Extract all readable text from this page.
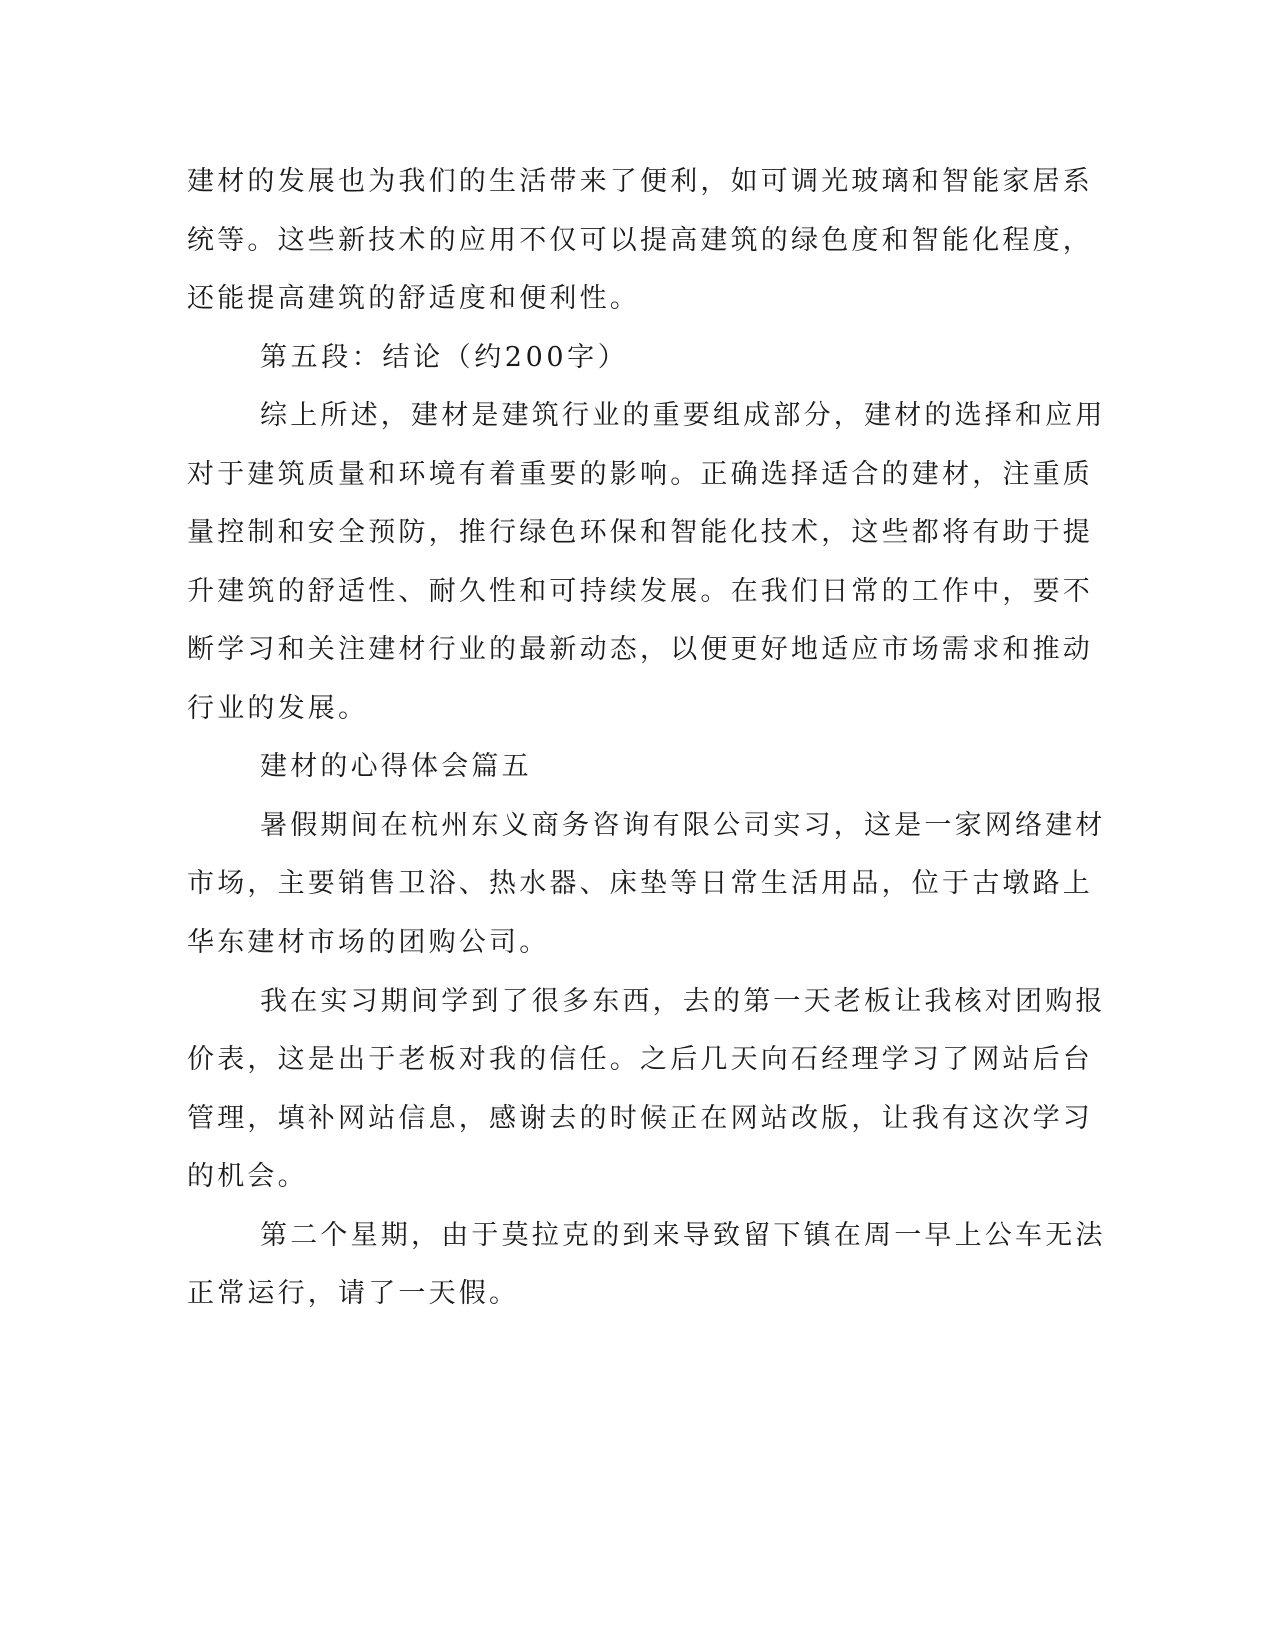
建材的发展也为我们的生活带来了便利，如可调光玻璃和智能家居系

统等。这些新技术的应用不仅可以提高建筑的绿色度和智能化程度，

还能提高建筑的舒适度和便利性。

第五段：结论（约200字）

综上所述，建材是建筑行业的重要组成部分，建材的选择和应用

对于建筑质量和环境有着重要的影响。正确选择适合的建材，注重质

量控制和安全预防，推行绿色环保和智能化技术，这些都将有助于提

升建筑的舒适性、耐久性和可持续发展。在我们日常的工作中，要不

断学习和关注建材行业的最新动态，以便更好地适应市场需求和推动

行业的发展。

建材的心得体会篇五

暑假期间在杭州东义商务咨询有限公司实习，这是一家网络建材

市场，主要销售卫浴、热水器、床垫等日常生活用品，位于古墩路上

华东建材市场的团购公司。

我在实习期间学到了很多东西，去的第一天老板让我核对团购报

价表，这是出于老板对我的信任。之后几天向石经理学习了网站后台

管理，填补网站信息，感谢去的时候正在网站改版，让我有这次学习

的机会。

第二个星期，由于莫拉克的到来导致留下镇在周一早上公车无法

正常运行，请了一天假。
